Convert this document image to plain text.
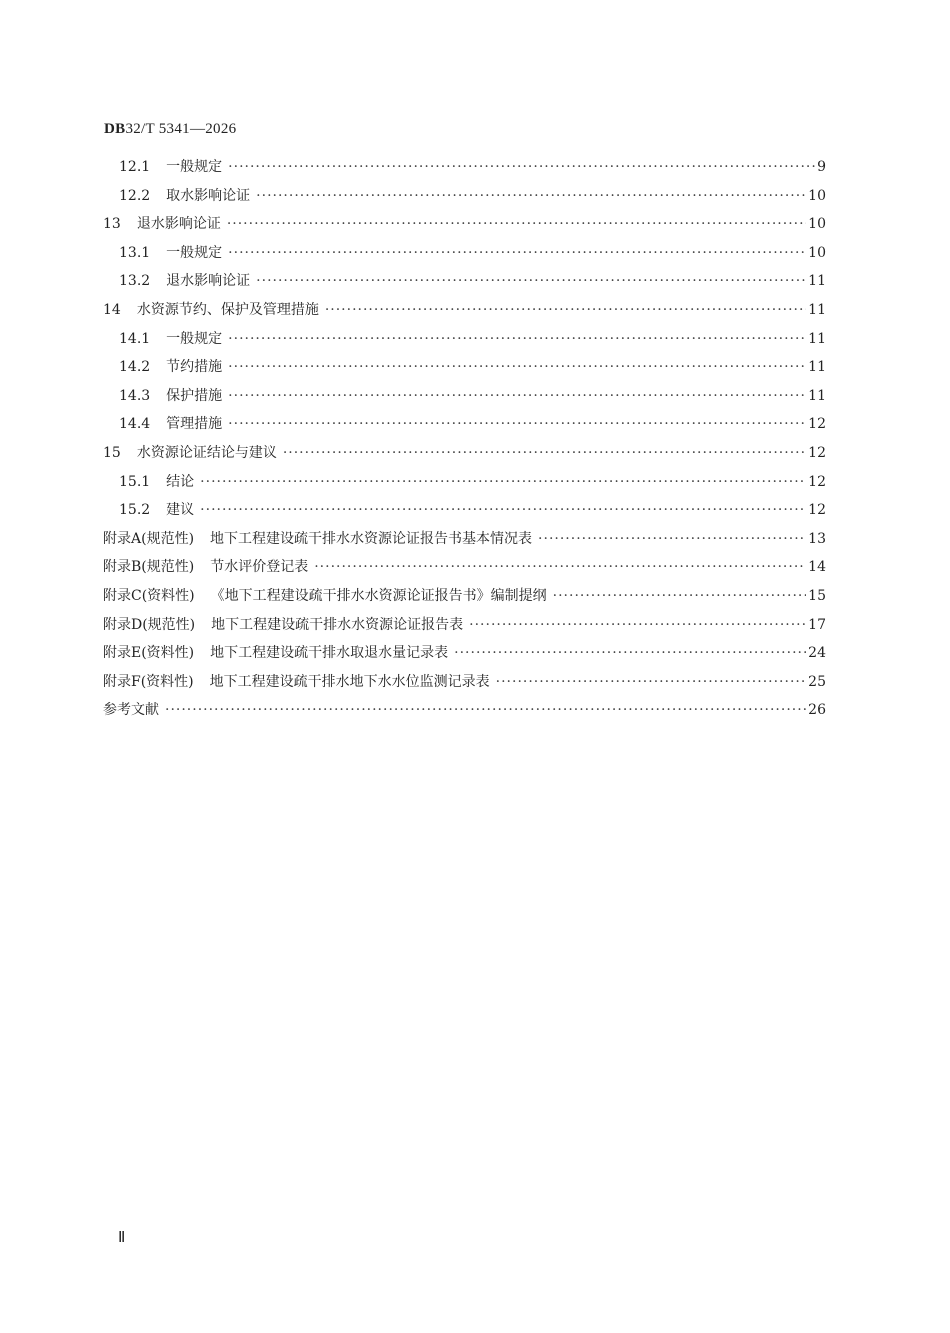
DB32/T 5341—2026
12.1 一般规定 ·····	9
12.2 取水影响论证 ·····	10
13 退水影响论证 ·····	10
13.1 一般规定 ·····	10
13.2 退水影响论证 ·····	11
14 水资源节约、保护及管理措施 ·····	11
14.1 一般规定 ·····	11
14.2 节约措施 ·····	11
14.3 保护措施 ·····	11
14.4 管理措施 ·····	12
15 水资源论证结论与建议 ·····	12
15.1 结论 ·····	12
15.2 建议 ·····	12
附录A(规范性) 地下工程建设疏干排水水资源论证报告书基本情况表 ·····	13
附录B(规范性) 节水评价登记表 ·····	14
附录C(资料性) 《地下工程建设疏干排水水资源论证报告书》编制提纲 ·····	15
附录D(规范性) 地下工程建设疏干排水水资源论证报告表 ·····	17
附录E(资料性) 地下工程建设疏干排水取退水量记录表 ·····	24
附录F(资料性) 地下工程建设疏干排水地下水水位监测记录表 ·····	25
参考文献 ·····	26
Ⅱ
